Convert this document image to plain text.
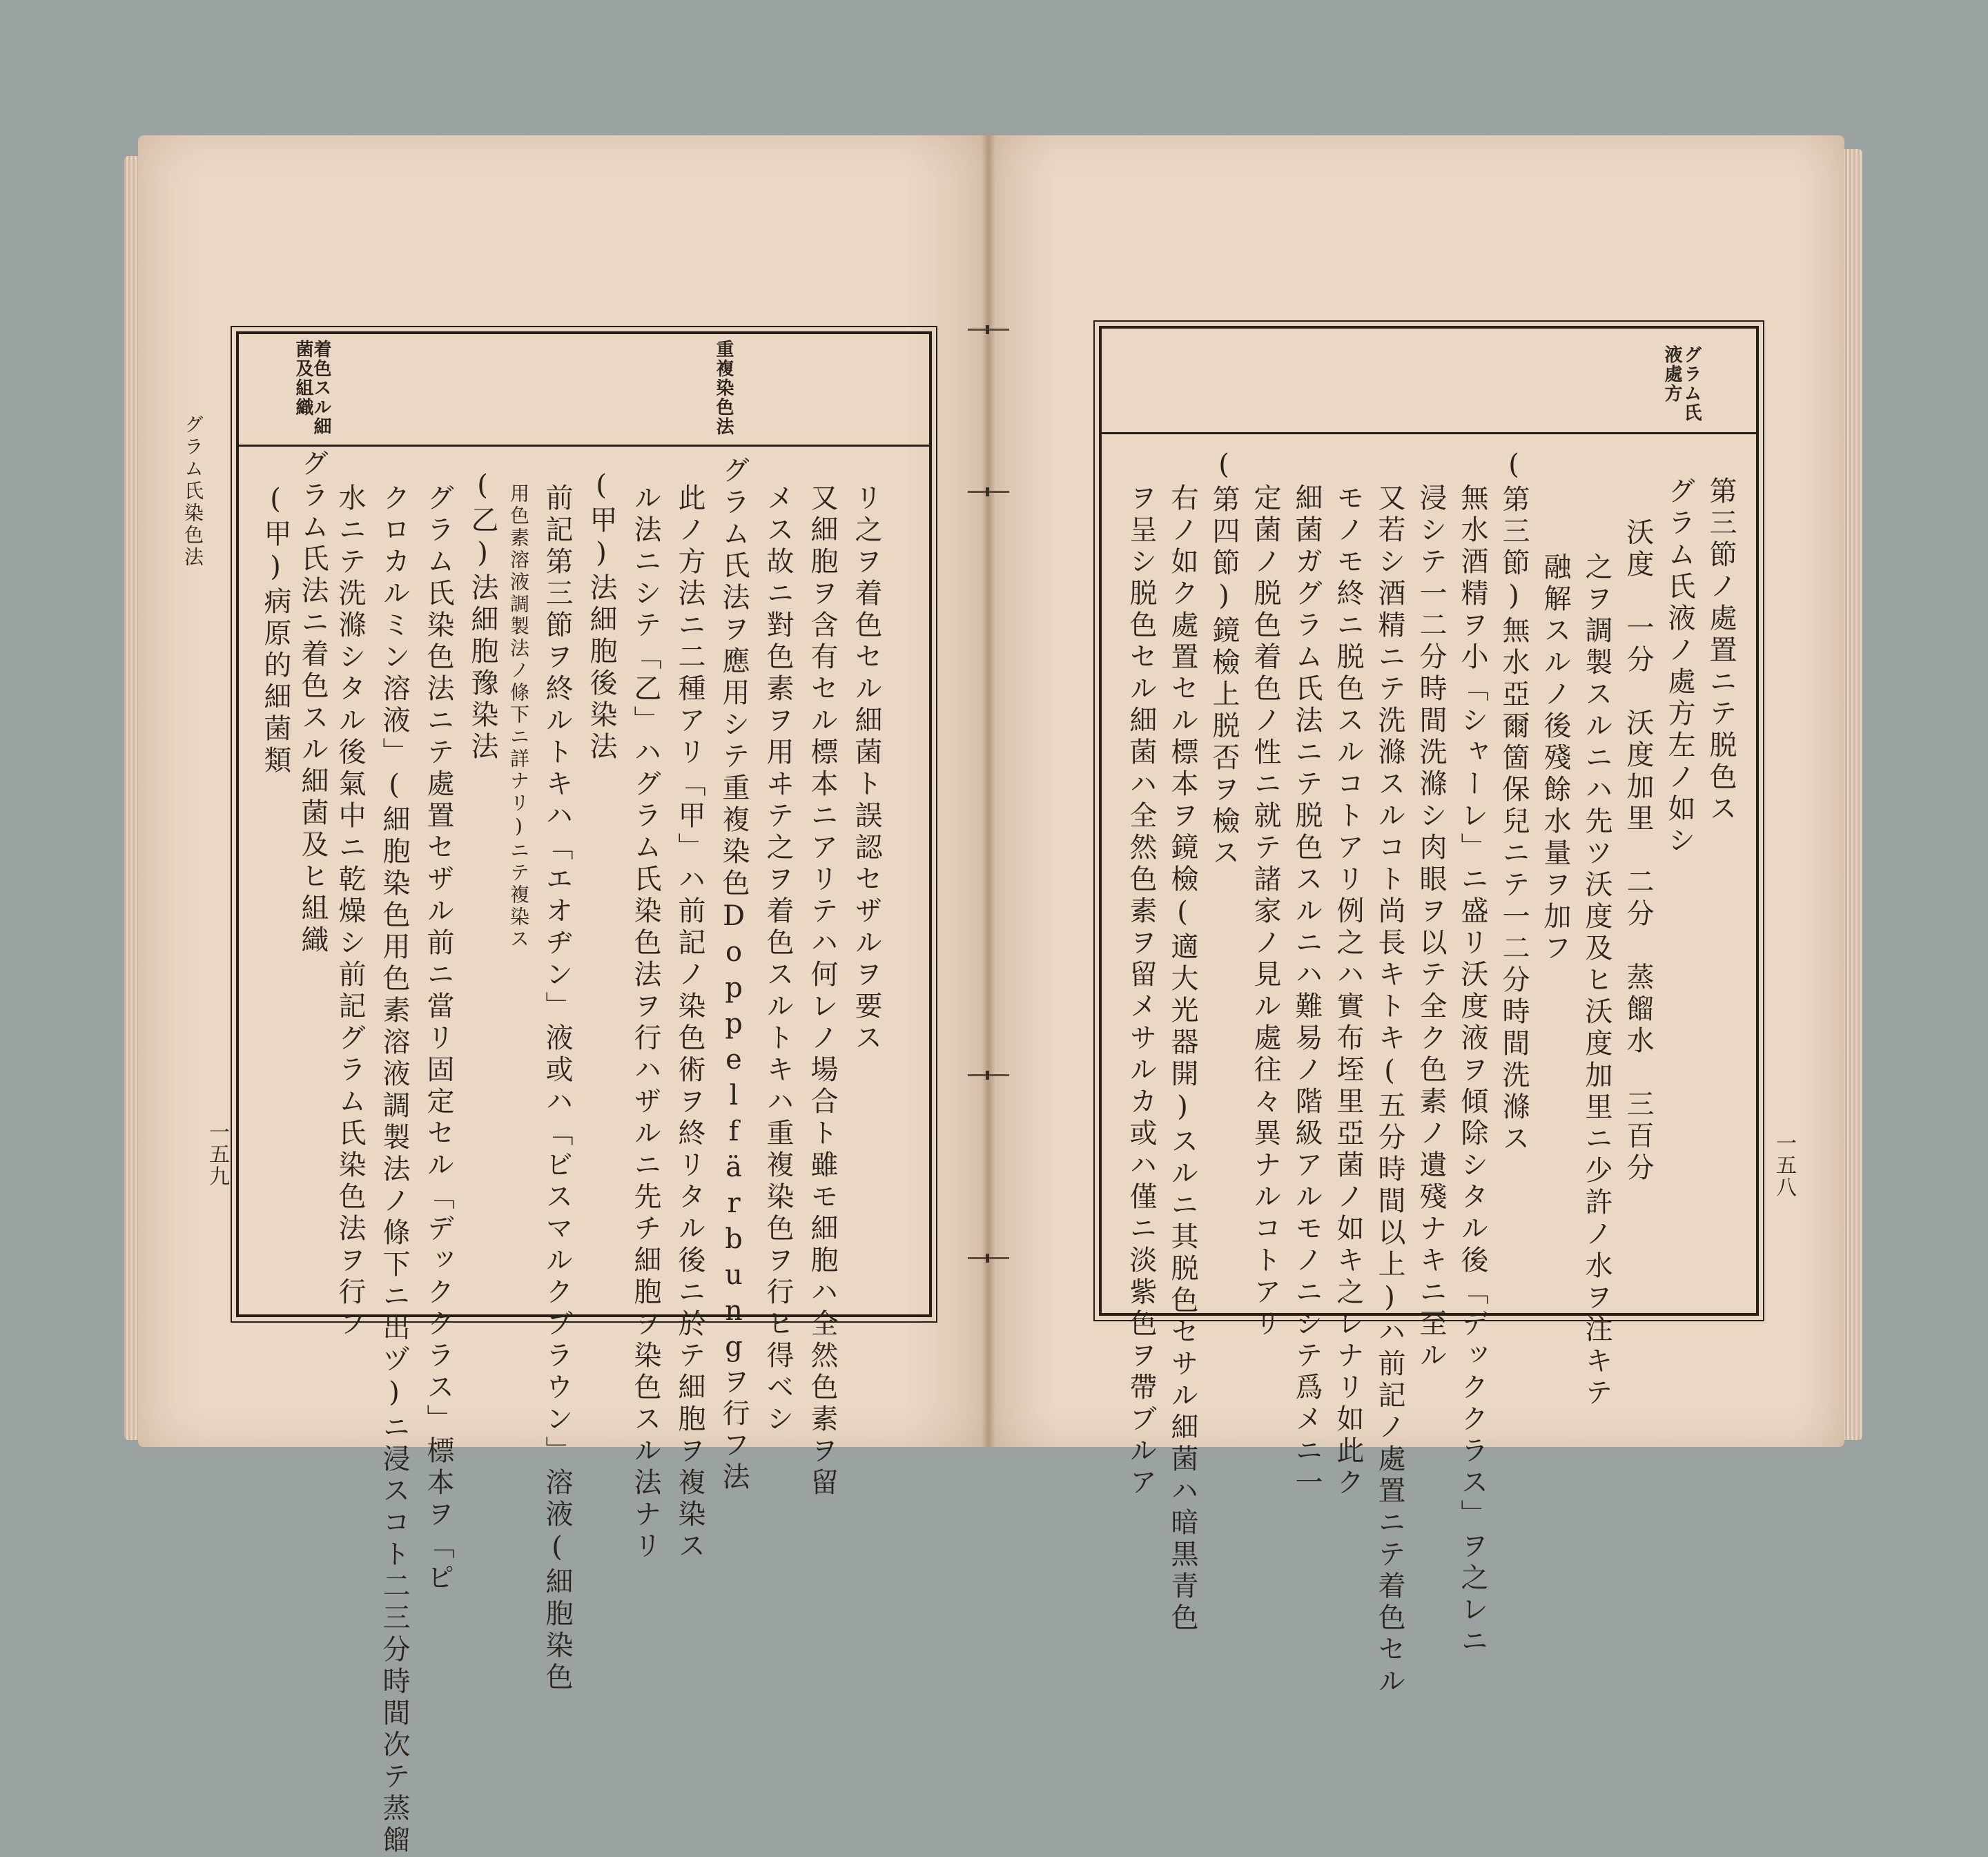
グラム氏染色法
一五九
重複染色法
着色スル細菌及組織
リ之ヲ着色セル細菌ト誤認セザルヲ要ス
又細胞ヲ含有セル標本ニアリテハ何レノ場合ト雖モ細胞ハ全然色素ヲ留
メス故ニ對色素ヲ用ヰテ之ヲ着色スルトキハ重複染色ヲ行ヒ得ベシ
グラム氏法ヲ應用シテ重複染色Doppelfärbungヲ行フ法
此ノ方法ニ二種アリ「甲」ハ前記ノ染色術ヲ終リタル後ニ於テ細胞ヲ複染ス
ル法ニシテ「乙」ハグラム氏染色法ヲ行ハザルニ先チ細胞ヲ染色スル法ナリ
(甲)法細胞後染法
前記第三節ヲ終ルトキハ「エオヂン」液或ハ「ビスマルクブラウン」溶液(細胞染色
用色素溶液調製法ノ條下ニ詳ナリ)ニテ複染ス
(乙)法細胞豫染法
グラム氏染色法ニテ處置セザル前ニ當リ固定セル「デッククラス」標本ヲ「ピ
クロカルミン溶液」(細胞染色用色素溶液調製法ノ條下ニ出ヅ)ニ浸スコト二三分時間次テ蒸餾
水ニテ洗滌シタル後氣中ニ乾燥シ前記グラム氏染色法ヲ行フ
グラム氏法ニ着色スル細菌及ヒ組織
(甲)病原的細菌類
一五八
グラム氏液處方
第三節ノ處置ニテ脱色ス
グラム氏液ノ處方左ノ如シ
沃度　一分　沃度加里　二分　蒸餾水　三百分
之ヲ調製スルニハ先ツ沃度及ヒ沃度加里ニ少許ノ水ヲ注キテ
融解スルノ後殘餘水量ヲ加フ
(第三節)無水亞爾箇保兒ニテ一二分時間洗滌ス
無水酒精ヲ小「シャーレ」ニ盛リ沃度液ヲ傾除シタル後「デッククラス」ヲ之レニ
浸シテ一二分時間洗滌シ肉眼ヲ以テ全ク色素ノ遺殘ナキニ至ル
又若シ酒精ニテ洗滌スルコト尚長キトキ(五分時間以上)ハ前記ノ處置ニテ着色セル
モノモ終ニ脱色スルコトアリ例之ハ實布垤里亞菌ノ如キ之レナリ如此ク
細菌ガグラム氏法ニテ脱色スルニハ難易ノ階級アルモノニシテ爲メニ一
定菌ノ脱色着色ノ性ニ就テ諸家ノ見ル處往々異ナルコトアリ
(第四節)鏡檢上脱否ヲ檢ス
右ノ如ク處置セル標本ヲ鏡檢(適大光器開)スルニ其脱色セサル細菌ハ暗黒青色
ヲ呈シ脱色セル細菌ハ全然色素ヲ留メサルカ或ハ僅ニ淡紫色ヲ帶ブルア
